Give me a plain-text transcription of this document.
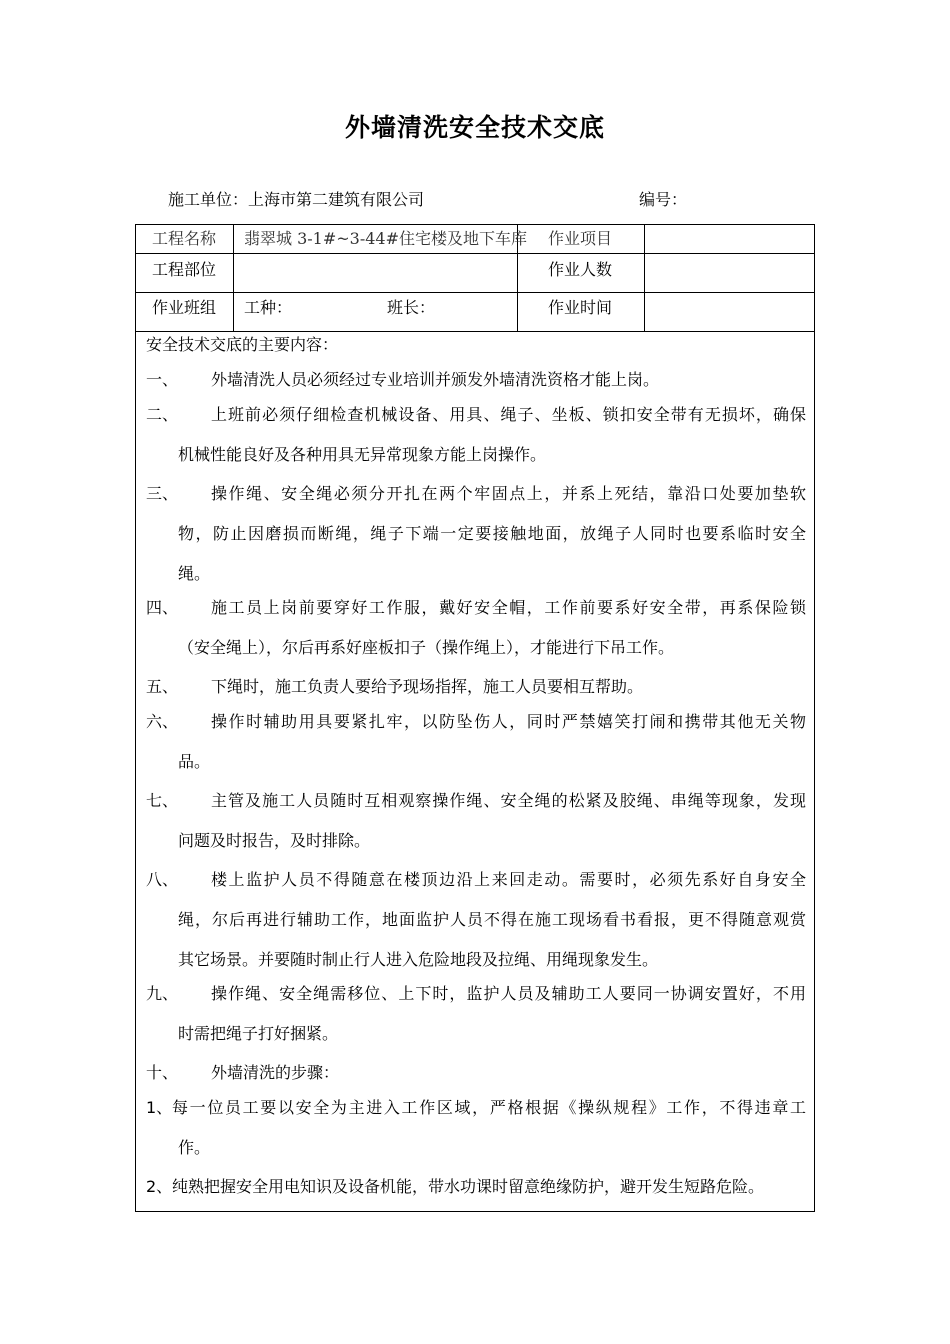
外墙清洗安全技术交底
施工单位：上海市第二建筑有限公司	编号：
工程名称 翡翠城 3-1#~3-44#住宅楼及地下车库 作业项目
工程部位	作业人数
作业班组 工种：	班长：	作业时间
安全技术交底的主要内容：
一、 外墙清洗人员必须经过专业培训并颁发外墙清洗资格才能上岗。
二、 上班前必须仔细检查机械设备、用具、绳子、坐板、锁扣安全带有无损坏，确保
机械性能良好及各种用具无异常现象方能上岗操作。
三、 操作绳、安全绳必须分开扎在两个牢固点上，并系上死结，靠沿口处要加垫软
物，防止因磨损而断绳，绳子下端一定要接触地面，放绳子人同时也要系临时安全
绳。
四、 施工员上岗前要穿好工作服，戴好安全帽，工作前要系好安全带，再系保险锁
（安全绳上），尔后再系好座板扣子（操作绳上），才能进行下吊工作。
五、 下绳时，施工负责人要给予现场指挥，施工人员要相互帮助。
六、 操作时辅助用具要紧扎牢，以防坠伤人，同时严禁嬉笑打闹和携带其他无关物
品。
七、 主管及施工人员随时互相观察操作绳、安全绳的松紧及胶绳、串绳等现象，发现
问题及时报告，及时排除。
八、 楼上监护人员不得随意在楼顶边沿上来回走动。需要时，必须先系好自身安全
绳，尔后再进行辅助工作，地面监护人员不得在施工现场看书看报，更不得随意观赏
其它场景。并要随时制止行人进入危险地段及拉绳、用绳现象发生。
九、 操作绳、安全绳需移位、上下时，监护人员及辅助工人要同一协调安置好，不用
时需把绳子打好捆紧。
十、 外墙清洗的步骤：
1、 每一位员工要以安全为主进入工作区域，严格根据《操纵规程》工作，不得违章工
作。
2、 纯熟把握安全用电知识及设备机能，带水功课时留意绝缘防护，避开发生短路危险。
